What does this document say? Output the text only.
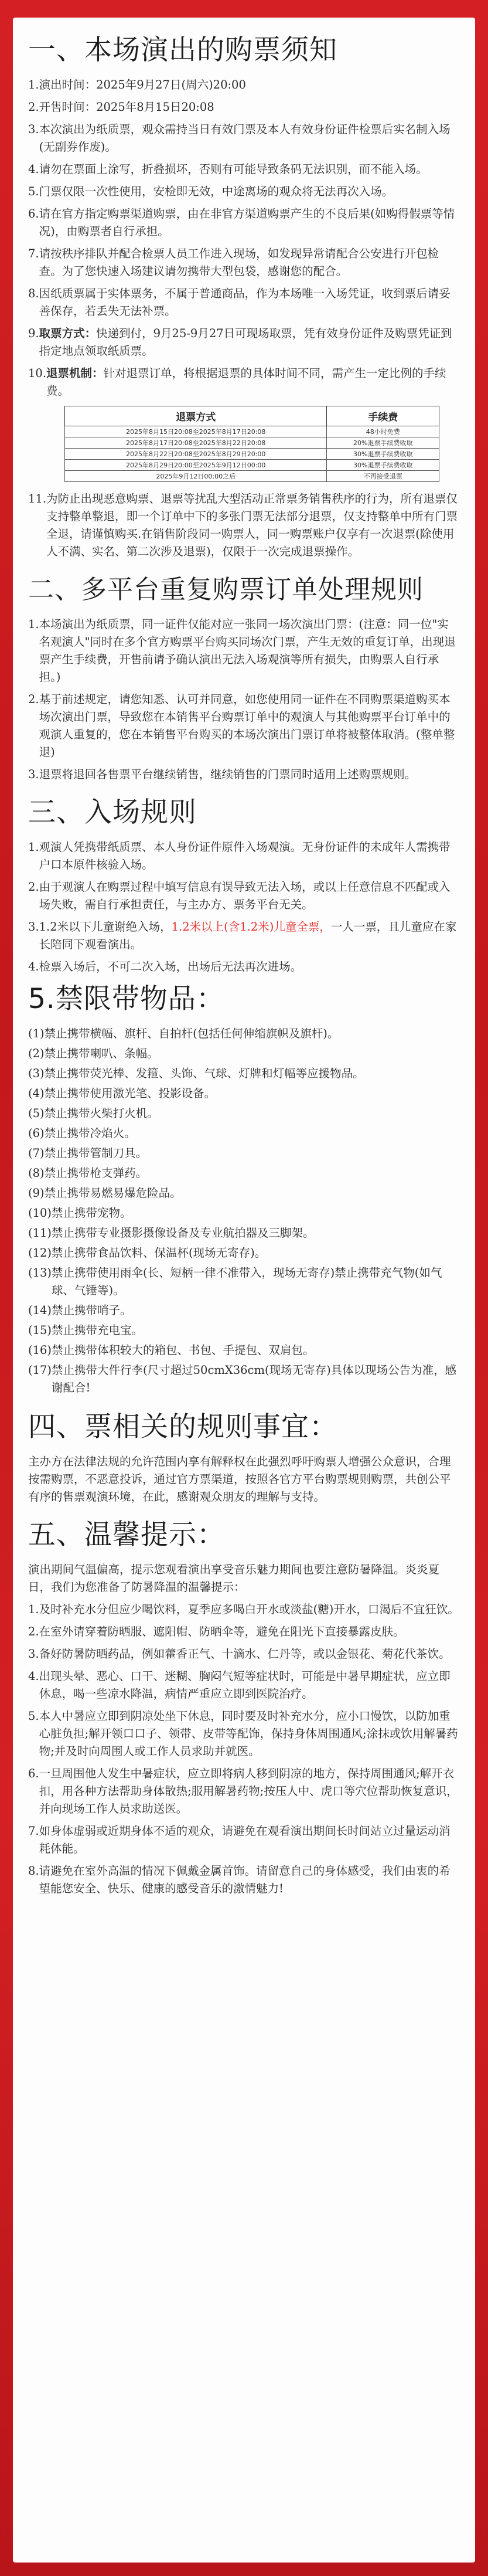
一、本场演出的购票须知
1. 演出时间：2025年9月27日(周六)20:00
2. 开售时间：2025年8月15日20:08
3. 本次演出为纸质票，观众需持当日有效门票及本人有效身份证件检票后实名制入场(无副券作废)。
4. 请勿在票面上涂写，折叠损坏，否则有可能导致条码无法识别，而不能入场。
5. 门票仅限一次性使用，安检即无效，中途离场的观众将无法再次入场。
6. 请在官方指定购票渠道购票，由在非官方渠道购票产生的不良后果(如购得假票等情况)，由购票者自行承担。
7. 请按秩序排队并配合检票人员工作进入现场，如发现异常请配合公安进行开包检查。为了您快速入场建议请勿携带大型包袋，感谢您的配合。
8. 因纸质票属于实体票务，不属于普通商品，作为本场唯一入场凭证，收到票后请妥善保存，若丢失无法补票。
9. 取票方式：快递到付，9月25-9月27日可现场取票，凭有效身份证件及购票凭证到指定地点领取纸质票。
10. 退票机制：针对退票订单，将根据退票的具体时间不同，需产生一定比例的手续费。
退票方式	手续费
2025年8月15日20:08至2025年8月17日20:08	48小时免费
2025年8月17日20:08至2025年8月22日20:08	20%退票手续费收取
2025年8月22日20:08至2025年8月29日20:00	30%退票手续费收取
2025年8月29日20:00至2025年9月12日00:00	30%退票手续费收取
2025年9月12日00:00之后	不再接受退票
11. 为防止出现恶意购票、退票等扰乱大型活动正常票务销售秩序的行为，所有退票仅支持整单整退，即一个订单中下的多张门票无法部分退票，仅支持整单中所有门票全退，请谨慎购买.在销售阶段同一购票人，同一购票账户仅享有一次退票(除使用人不满、实名、第二次涉及退票)，仅限于一次完成退票操作。
二、多平台重复购票订单处理规则
1. 本场演出为纸质票，同一证件仅能对应一张同一场次演出门票：(注意：同一位"实名观演人"同时在多个官方购票平台购买同场次门票，产生无效的重复订单，出现退票产生手续费，开售前请予确认演出无法入场观演等所有损失，由购票人自行承担。)
2. 基于前述规定，请您知悉、认可并同意，如您使用同一证件在不同购票渠道购买本场次演出门票，导致您在本销售平台购票订单中的观演人与其他购票平台订单中的观演人重复的，您在本销售平台购买的本场次演出门票订单将被整体取消。(整单整退)
3. 退票将退回各售票平台继续销售，继续销售的门票同时适用上述购票规则。
三、入场规则
1. 观演人凭携带纸质票、本人身份证件原件入场观演。无身份证件的未成年人需携带户口本原件核验入场。
2. 由于观演人在购票过程中填写信息有误导致无法入场，或以上任意信息不匹配或入场失败，需自行承担责任，与主办方、票务平台无关。
3. 1.2米以下儿童谢绝入场，1.2米以上(含1.2米)儿童全票，一人一票，且儿童应在家长陪同下观看演出。
4. 检票入场后，不可二次入场，出场后无法再次进场。
5.禁限带物品：
(1) 禁止携带横幅、旗杆、自拍杆(包括任何伸缩旗帜及旗杆)。
(2) 禁止携带喇叭、条幅。
(3) 禁止携带荧光棒、发箍、头饰、气球、灯牌和灯幅等应援物品。
(4) 禁止携带使用激光笔、投影设备。
(5) 禁止携带火柴打火机。
(6) 禁止携带冷焰火。
(7) 禁止携带管制刀具。
(8) 禁止携带枪支弹药。
(9) 禁止携带易燃易爆危险品。
(10) 禁止携带宠物。
(11) 禁止携带专业摄影摄像设备及专业航拍器及三脚架。
(12) 禁止携带食品饮料、保温杯(现场无寄存)。
(13) 禁止携带使用雨伞(长、短柄一律不准带入，现场无寄存)禁止携带充气物(如气球、气锤等)。
(14) 禁止携带哨子。
(15) 禁止携带充电宝。
(16) 禁止携带体积较大的箱包、书包、手提包、双肩包。
(17) 禁止携带大件行李(尺寸超过50cmX36cm(现场无寄存)具体以现场公告为准，感谢配合!
四、票相关的规则事宜：

主办方在法律法规的允许范围内享有解释权在此强烈呼吁购票人增强公众意识，合理按需购票，不恶意投诉，通过官方票渠道，按照各官方平台购票规则购票，共创公平有序的售票观演环境，在此，感谢观众朋友的理解与支持。

五、温馨提示：

演出期间气温偏高，提示您观看演出享受音乐魅力期间也要注意防暑降温。炎炎夏日，我们为您准备了防暑降温的温馨提示：

1. 及时补充水分但应少喝饮料，夏季应多喝白开水或淡盐(糖)开水，口渴后不宜狂饮。
2. 在室外请穿着防晒服、遮阳帽、防晒伞等，避免在阳光下直接暴露皮肤。
3. 备好防暑防晒药品，例如藿香正气、十滴水、仁丹等，或以金银花、菊花代茶饮。
4. 出现头晕、恶心、口干、迷糊、胸闷气短等症状时，可能是中暑早期症状，应立即休息，喝一些凉水降温，病情严重应立即到医院治疗。
5. 本人中暑应立即到阴凉处坐下休息，同时要及时补充水分，应小口慢饮，以防加重心脏负担;解开领口口子、领带、皮带等配饰，保持身体周围通风;涂抹或饮用解暑药物;并及时向周围人或工作人员求助并就医。
6. 一旦周围他人发生中暑症状，应立即将病人移到阴凉的地方，保持周围通风;解开衣扣，用各种方法帮助身体散热;服用解暑药物;按压人中、虎口等穴位帮助恢复意识，并向现场工作人员求助送医。
7. 如身体虚弱或近期身体不适的观众，请避免在观看演出期间长时间站立过量运动消耗体能。
8. 请避免在室外高温的情况下佩戴金属首饰。请留意自己的身体感受，我们由衷的希望能您安全、快乐、健康的感受音乐的激情魅力!
